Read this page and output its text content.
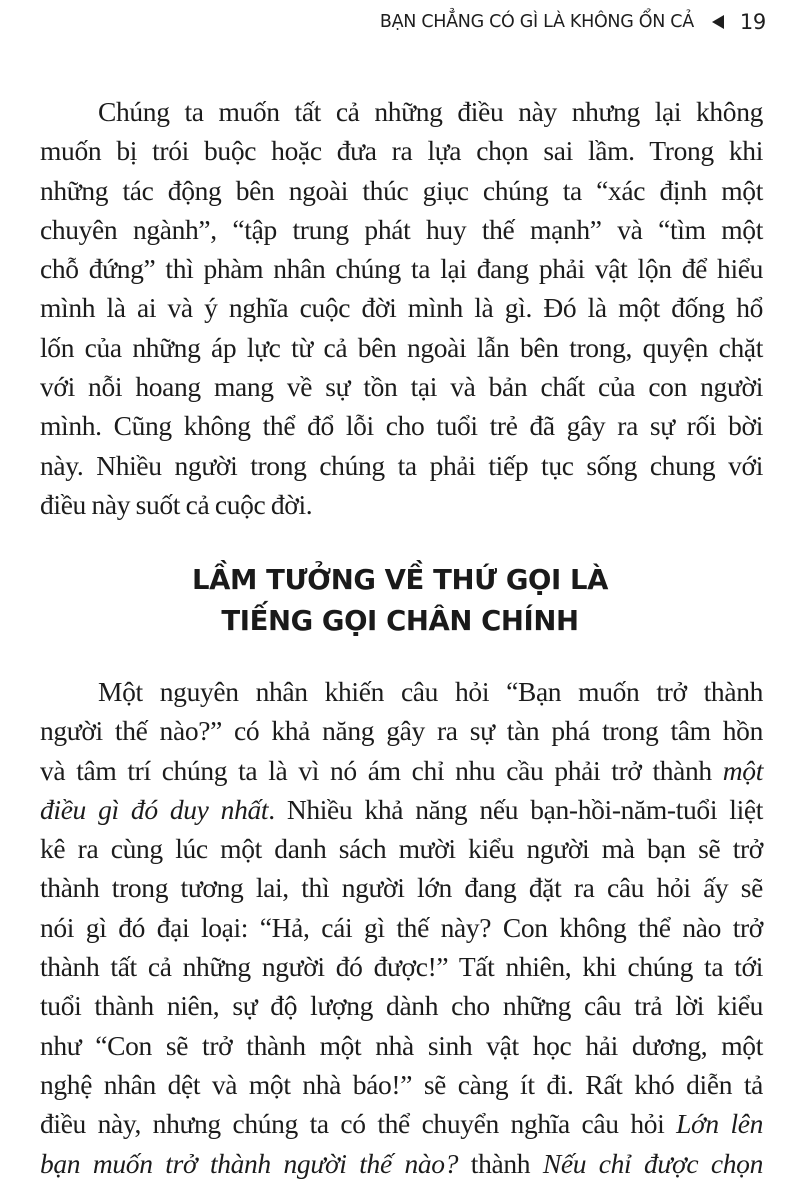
BẠN CHẲNG CÓ GÌ LÀ KHÔNG ỔN CẢ 19
Chúng ta muốn tất cả những điều này nhưng lại không
muốn bị trói buộc hoặc đưa ra lựa chọn sai lầm. Trong khi
những tác động bên ngoài thúc giục chúng ta “xác định một
chuyên ngành”, “tập trung phát huy thế mạnh” và “tìm một
chỗ đứng” thì phàm nhân chúng ta lại đang phải vật lộn để hiểu
mình là ai và ý nghĩa cuộc đời mình là gì. Đó là một đống hổ
lốn của những áp lực từ cả bên ngoài lẫn bên trong, quyện chặt
với nỗi hoang mang về sự tồn tại và bản chất của con người
mình. Cũng không thể đổ lỗi cho tuổi trẻ đã gây ra sự rối bời
này. Nhiều người trong chúng ta phải tiếp tục sống chung với
điều này suốt cả cuộc đời.
LẦM TƯỞNG VỀ THỨ GỌI LÀ
TIẾNG GỌI CHÂN CHÍNH
Một nguyên nhân khiến câu hỏi “Bạn muốn trở thành
người thế nào?” có khả năng gây ra sự tàn phá trong tâm hồn
và tâm trí chúng ta là vì nó ám chỉ nhu cầu phải trở thành một
điều gì đó duy nhất. Nhiều khả năng nếu bạn-hồi-năm-tuổi liệt
kê ra cùng lúc một danh sách mười kiểu người mà bạn sẽ trở
thành trong tương lai, thì người lớn đang đặt ra câu hỏi ấy sẽ
nói gì đó đại loại: “Hả, cái gì thế này? Con không thể nào trở
thành tất cả những người đó được!” Tất nhiên, khi chúng ta tới
tuổi thành niên, sự độ lượng dành cho những câu trả lời kiểu
như “Con sẽ trở thành một nhà sinh vật học hải dương, một
nghệ nhân dệt và một nhà báo!” sẽ càng ít đi. Rất khó diễn tả
điều này, nhưng chúng ta có thể chuyển nghĩa câu hỏi Lớn lên
bạn muốn trở thành người thế nào? thành Nếu chỉ được chọn
